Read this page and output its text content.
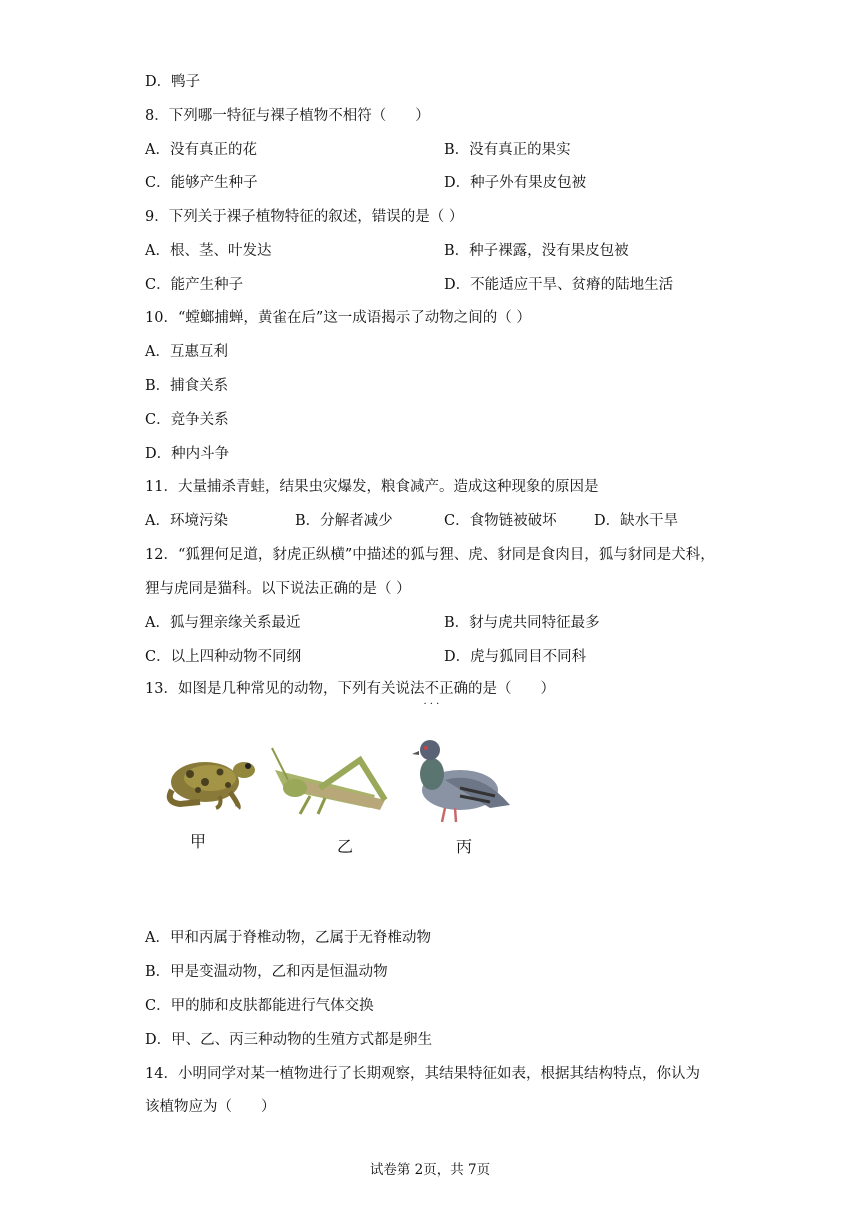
D．鸭子
8．下列哪一特征与裸子植物不相符（　　）
A．没有真正的花	B．没有真正的果实
C．能够产生种子	D．种子外有果皮包被
9．下列关于裸子植物特征的叙述，错误的是（ ）
A．根、茎、叶发达	B．种子裸露，没有果皮包被
C．能产生种子	D．不能适应干旱、贫瘠的陆地生活
10．“螳螂捕蝉，黄雀在后”这一成语揭示了动物之间的（ ）
A．互惠互利
B．捕食关系
C．竞争关系
D．种内斗争
11．大量捕杀青蛙，结果虫灾爆发，粮食减产。造成这种现象的原因是
A．环境污染	B．分解者减少	C．食物链被破坏	D．缺水干旱
12．“狐狸何足道，豺虎正纵横”中描述的狐与狸、虎、豺同是食肉目，狐与豺同是犬科，
狸与虎同是猫科。以下说法正确的是（ ）
A．狐与狸亲缘关系最近	B．豺与虎共同特征最多
C．以上四种动物不同纲	D．虎与狐同目不同科
13．如图是几种常见的动物，下列有关说法不正确 · · ·的是（　　）
甲	乙	丙
A．甲和丙属于脊椎动物，乙属于无脊椎动物
B．甲是变温动物，乙和丙是恒温动物
C．甲的肺和皮肤都能进行气体交换
D．甲、乙、丙三种动物的生殖方式都是卵生
14．小明同学对某一植物进行了长期观察，其结果特征如表，根据其结构特点，你认为
该植物应为（　　）
试卷第 2页，共 7页
